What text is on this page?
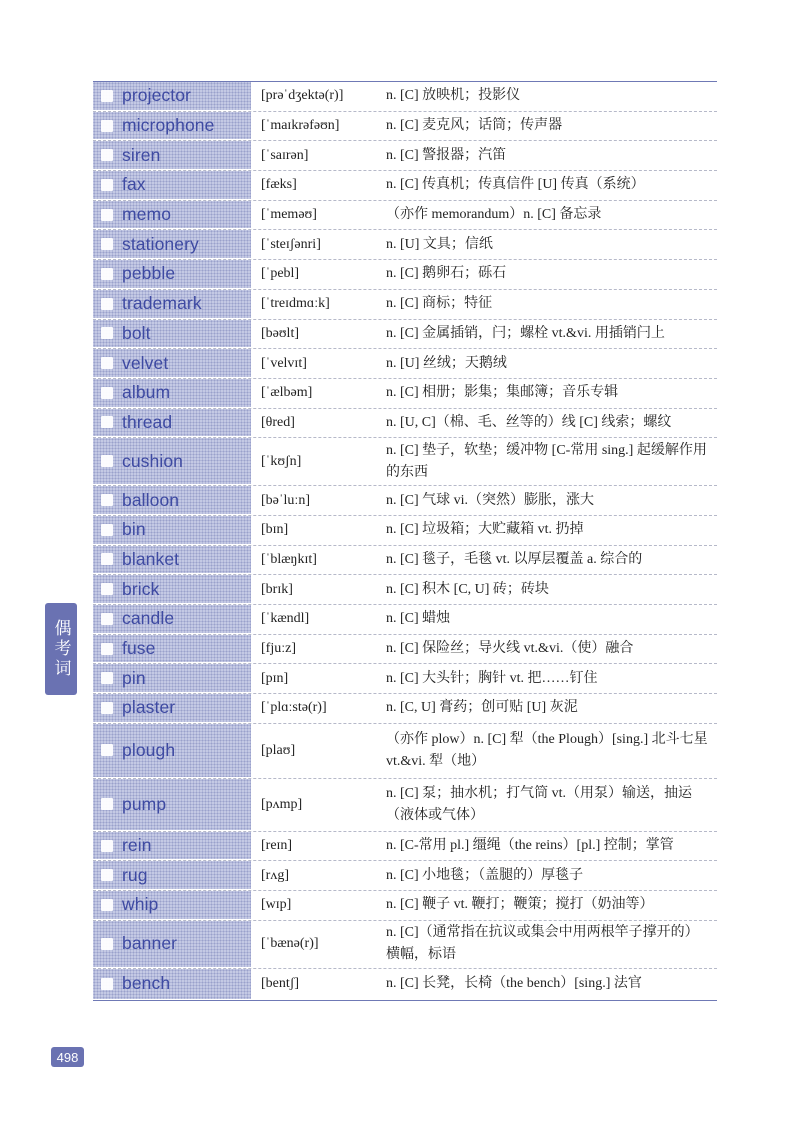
projector	[prəˈdʒektə(r)]	n. [C] 放映机；投影仪
microphone	[ˈmaɪkrəfəʊn]	n. [C] 麦克风；话筒；传声器
siren	[ˈsaɪrən]	n. [C] 警报器；汽笛
fax	[fæks]	n. [C] 传真机；传真信件 [U] 传真（系统）
memo	[ˈmeməʊ]	（亦作 memorandum）n. [C] 备忘录
stationery	[ˈsteɪʃənri]	n. [U] 文具；信纸
pebble	[ˈpebl]	n. [C] 鹅卵石；砾石
trademark	[ˈtreɪdmɑːk]	n. [C] 商标；特征
bolt	[bəʊlt]	n. [C] 金属插销，闩；螺栓 vt.&vi. 用插销闩上
velvet	[ˈvelvɪt]	n. [U] 丝绒；天鹅绒
album	[ˈælbəm]	n. [C] 相册；影集；集邮簿；音乐专辑
thread	[θred]	n. [U, C]（棉、毛、丝等的）线 [C] 线索；螺纹
cushion	[ˈkʊʃn]
n. [C] 垫子，软垫；缓冲物 [C-常用 sing.] 起缓解作用的东西
balloon	[bəˈluːn]	n. [C] 气球 vi.（突然）膨胀，涨大
bin	[bɪn]	n. [C] 垃圾箱；大贮藏箱 vt. 扔掉
blanket	[ˈblæŋkɪt]	n. [C] 毯子，毛毯 vt. 以厚层覆盖 a. 综合的
brick	[brɪk]	n. [C] 积木 [C, U] 砖；砖块
candle	[ˈkændl]	n. [C] 蜡烛
fuse	[fjuːz]	n. [C] 保险丝；导火线 vt.&vi.（使）融合
pin	[pɪn]	n. [C] 大头针；胸针 vt. 把……钉住
plaster	[ˈplɑːstə(r)]	n. [C, U] 膏药；创可贴 [U] 灰泥
plough	[plaʊ]
（亦作 plow）n. [C] 犁（the Plough）[sing.] 北斗七星 vt.&vi. 犁（地）
pump	[pʌmp]
n. [C] 泵；抽水机；打气筒 vt.（用泵）输送，抽运（液体或气体）
rein	[reɪn]	n. [C-常用 pl.] 缰绳（the reins）[pl.] 控制；掌管
rug	[rʌg]	n. [C] 小地毯；（盖腿的）厚毯子
whip	[wɪp]	n. [C] 鞭子 vt. 鞭打；鞭策；搅打（奶油等）
banner	[ˈbænə(r)]
n. [C]（通常指在抗议或集会中用两根竿子撑开的）横幅，标语
bench	[bentʃ]	n. [C] 长凳，长椅（the bench）[sing.] 法官
偶考词
498
